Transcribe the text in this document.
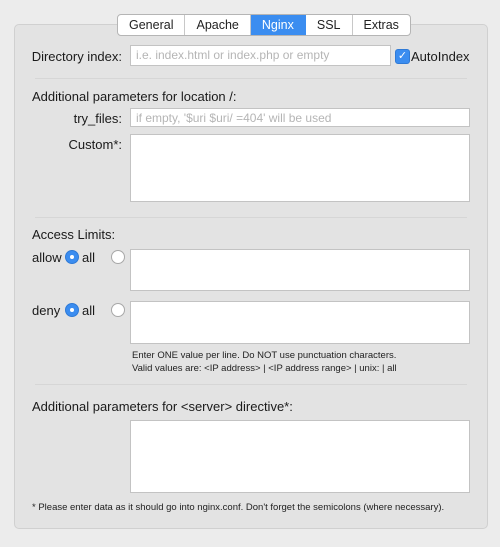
General	Apache	Nginx	SSL	Extras
Directory index:	i.e. index.html or index.php or empty	✓ AutoIndex
Additional parameters for location /:
try_files:	if empty, '$uri $uri/ =404' will be used
Custom*:
Access Limits:
allow all
deny all
Enter ONE value per line. Do NOT use punctuation characters.
Valid values are: <IP address> | <IP address range> | unix: | all
Additional parameters for <server> directive*:
* Please enter data as it should go into nginx.conf. Don't forget the semicolons (where necessary).
